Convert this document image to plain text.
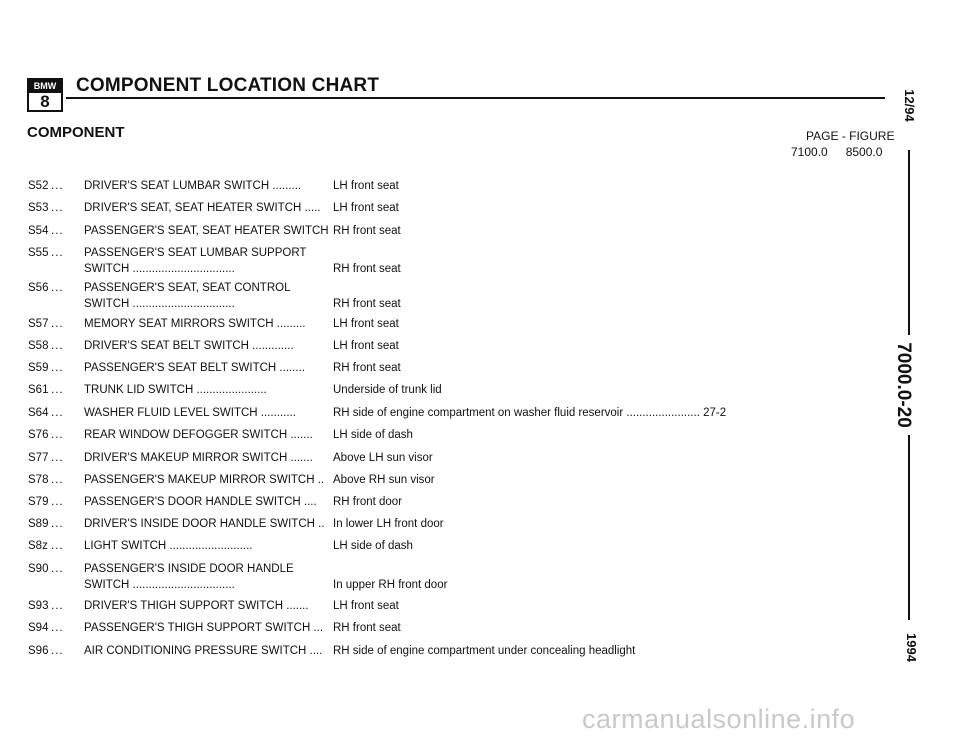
BMW
8
COMPONENT LOCATION CHART
COMPONENT	PAGE - FIGURE
7100.0 8500.0
S52 ... DRIVER'S SEAT LUMBAR SWITCH .........	LH front seat
S53 ... DRIVER'S SEAT, SEAT HEATER SWITCH ..... LH front seat
S54 ... PASSENGER'S SEAT, SEAT HEATER SWITCH RH front seat
S55 ... PASSENGER'S SEAT LUMBAR SUPPORT
SWITCH ................................	RH front seat
S56 ... PASSENGER'S SEAT, SEAT CONTROL
SWITCH ................................	RH front seat
S57 ... MEMORY SEAT MIRRORS SWITCH ......... LH front seat
S58 ... DRIVER'S SEAT BELT SWITCH .............	LH front seat
S59 ... PASSENGER'S SEAT BELT SWITCH ........ RH front seat
S61 ... TRUNK LID SWITCH ......................	Underside of trunk lid
S64 ... WASHER FLUID LEVEL SWITCH ...........	RH side of engine compartment on washer fluid reservoir ....................... 27-2
S76 ... REAR WINDOW DEFOGGER SWITCH ....... LH side of dash
S77 ... DRIVER'S MAKEUP MIRROR SWITCH ....... Above LH sun visor
S78 ... PASSENGER'S MAKEUP MIRROR SWITCH .. Above RH sun visor
S79 ... PASSENGER'S DOOR HANDLE SWITCH .... RH front door
S89 ... DRIVER'S INSIDE DOOR HANDLE SWITCH .. In lower LH front door
S8z ... LIGHT SWITCH ..........................	LH side of dash
S90 ... PASSENGER'S INSIDE DOOR HANDLE
SWITCH ................................	In upper RH front door
S93 ... DRIVER'S THIGH SUPPORT SWITCH ....... LH front seat
S94 ... PASSENGER'S THIGH SUPPORT SWITCH ... RH front seat
S96 ... AIR CONDITIONING PRESSURE SWITCH .... RH side of engine compartment under concealing headlight
12/94
7000.0-20
1994
carmanualsonline.info
